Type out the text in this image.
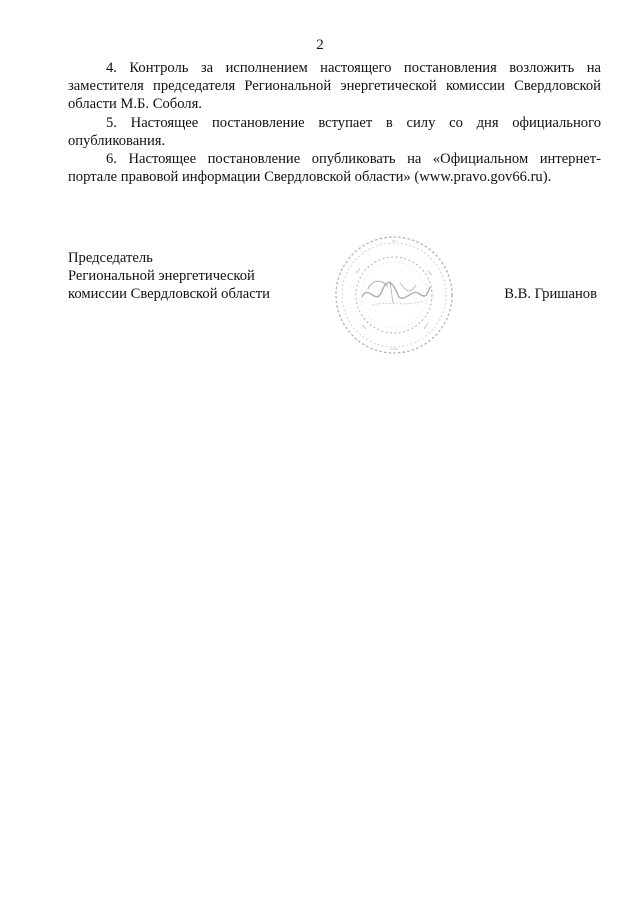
2

4. Контроль за исполнением настоящего постановления возложить на заместителя председателя Региональной энергетической комиссии Свердловской области М.Б. Соболя.

5. Настоящее постановление вступает в силу со дня официального опубликования.

6. Настоящее постановление опубликовать на «Официальном интернет-портале правовой информации Свердловской области» (www.pravo.gov66.ru).

Председатель
Региональной энергетической
комиссии Свердловской области	В.В. Гришанов
